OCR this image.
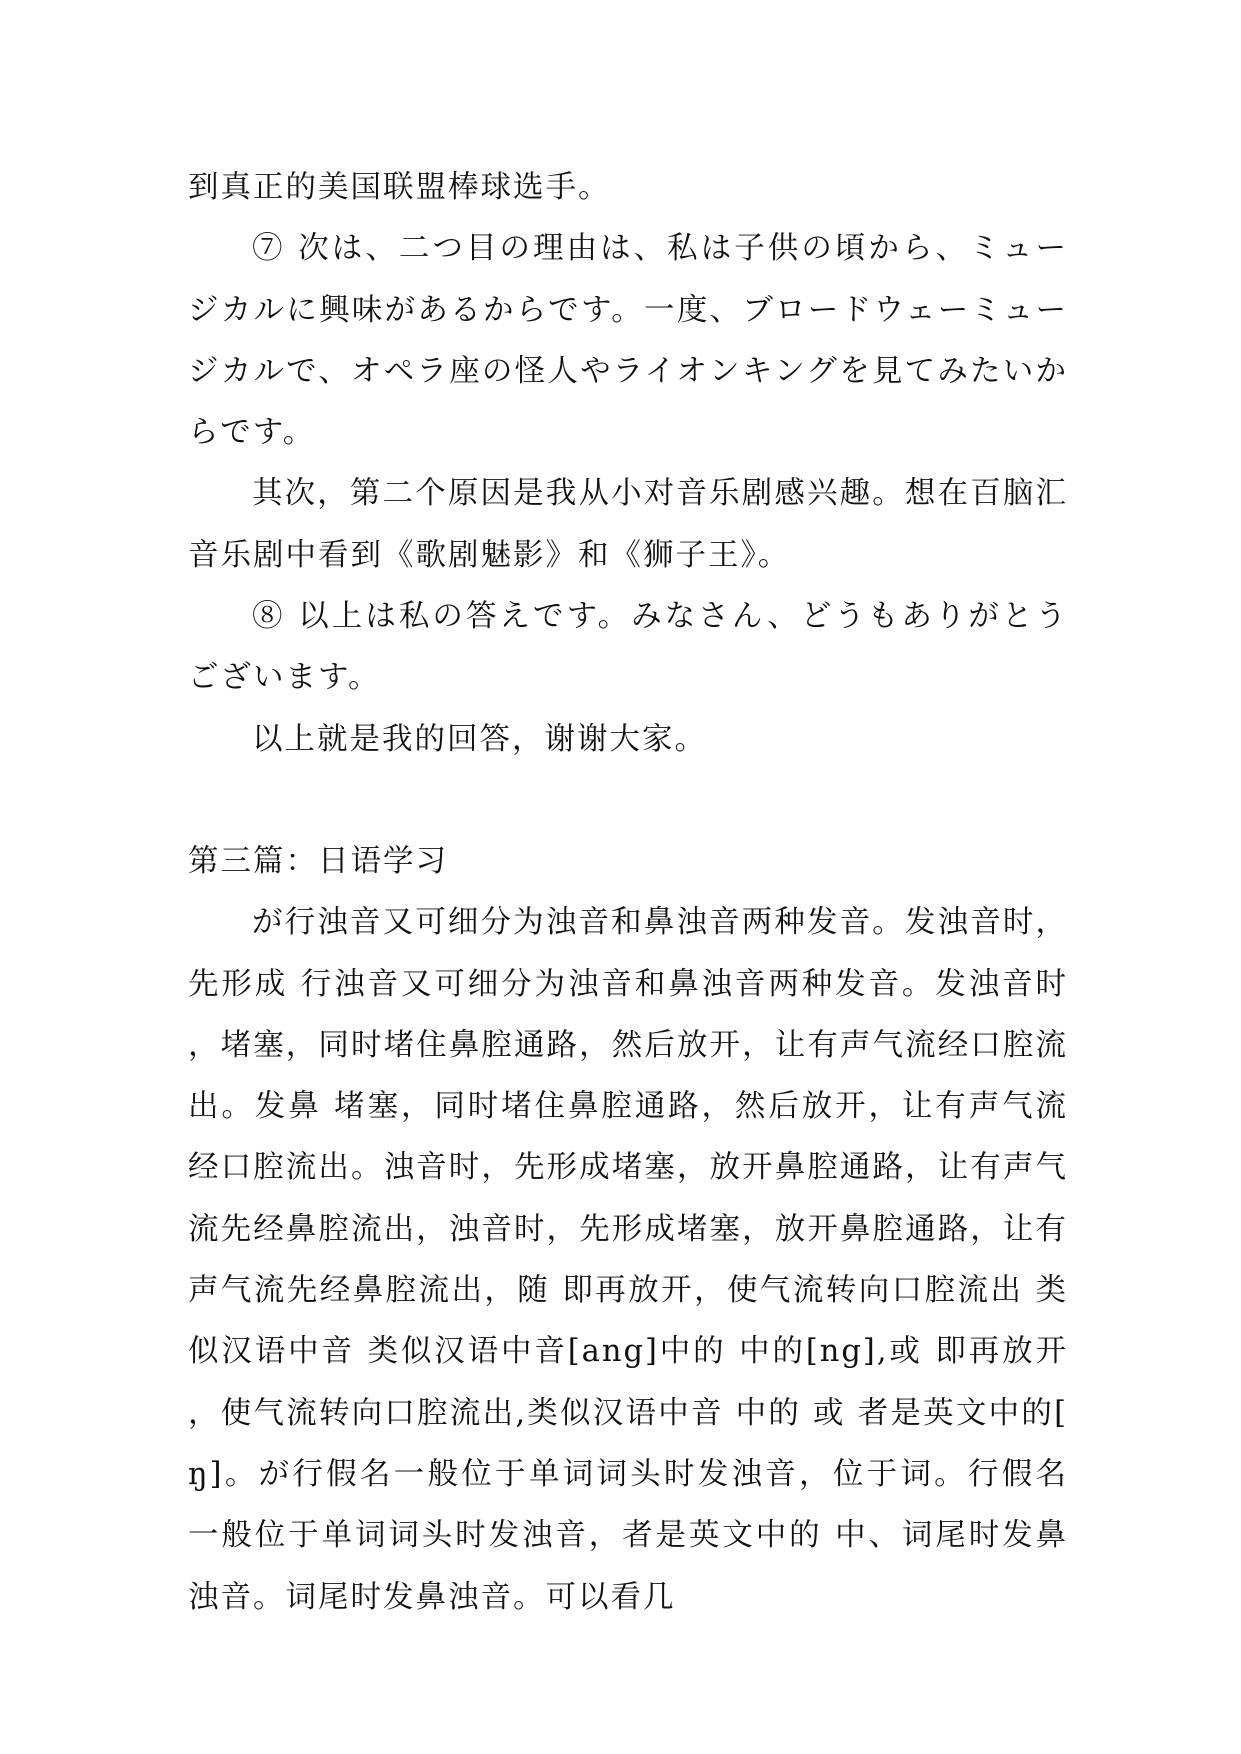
到真正的美国联盟棒球选手。

⑦ 次は、二つ目の理由は、私は子供の頃から、ミュージカルに興味があるからです。一度、ブロードウェーミュージカルで、オペラ座の怪人やライオンキングを見てみたいからです。

其次，第二个原因是我从小对音乐剧感兴趣。想在百脑汇音乐剧中看到《歌剧魅影》和《狮子王》。

⑧ 以上は私の答えです。みなさん、どうもありがとうございます。

以上就是我的回答，谢谢大家。

第三篇：日语学习

が行浊音又可细分为浊音和鼻浊音两种发音。发浊音时，先形成 行浊音又可细分为浊音和鼻浊音两种发音。发浊音时，堵塞，同时堵住鼻腔通路，然后放开，让有声气流经口腔流出。发鼻 堵塞，同时堵住鼻腔通路，然后放开，让有声气流经口腔流出。浊音时，先形成堵塞，放开鼻腔通路，让有声气流先经鼻腔流出，浊音时，先形成堵塞，放开鼻腔通路，让有声气流先经鼻腔流出，随 即再放开，使气流转向口腔流出 类似汉语中音 类似汉语中音[ang]中的 中的[ng],或 即再放开，使气流转向口腔流出,类似汉语中音 中的 或 者是英文中的[ŋ]。が行假名一般位于单词词头时发浊音，位于词。行假名一般位于单词词头时发浊音，者是英文中的 中、词尾时发鼻浊音。词尾时发鼻浊音。可以看几
